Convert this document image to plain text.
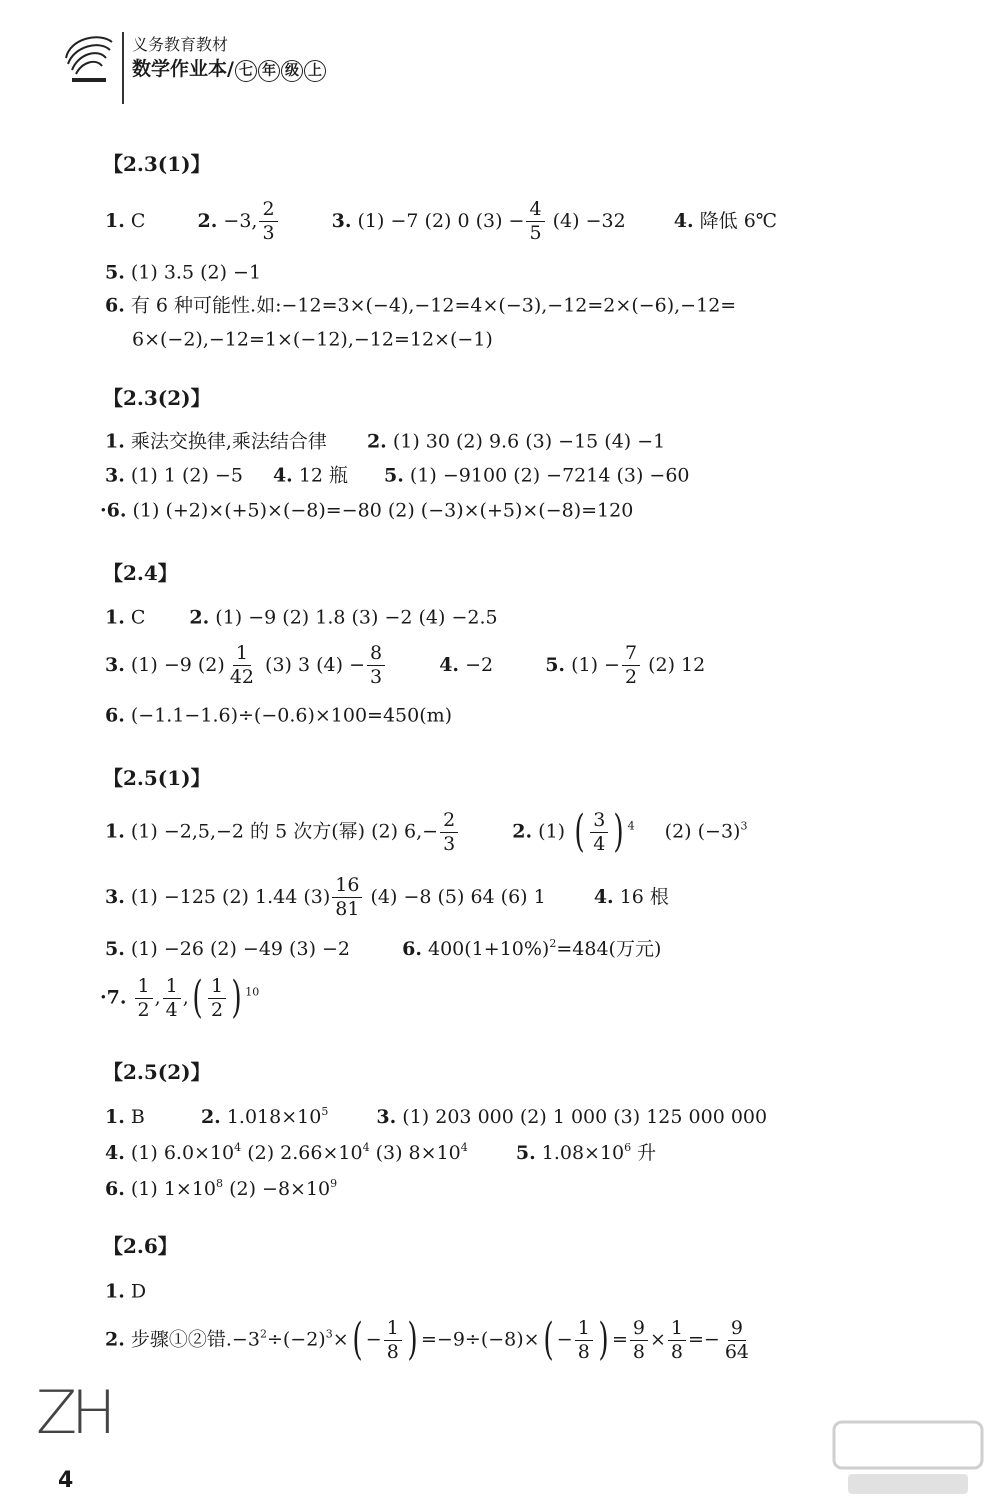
义务教育教材
数学作业本/ 七 年 级 上
【2.3(1)】
1. C	2. −3, $\frac{2}{3}$	3. (1) −7 (2) 0 $(3) - \frac{4}{5} (4) -32$	4. 降低 6℃
5. (1) 3.5 (2) −1
6. 有 6 种可能性.如:−12=3×(−4),−12=4×(−3),−12=2×(−6),−12=
6×(−2),−12=1×(−12),−12=12×(−1)
【2.3(2)】
1. 乘法交换律,乘法结合律 2. (1) 30 (2) 9.6 (3) −15 (4) −1
3. (1) 1 (2) −5 4. 12 瓶 5. (1) −9100 (2) −7214 (3) −60
·6. (1) (+2)×(+5)×(−8)=−80 (2) (−3)×(+5)×(−8)=120
【2.4】
1. C 2. (1) −9 (2) 1.8 (3) −2 (4) −2.5
3. (1) −9 $(2) \frac{1}{42} (3)$ 3 $(4) - \frac{8}{3}$	4. −2	5. $(1) - \frac{7}{2} (2)$ 12
6. (−1.1−1.6)÷(−0.6)×100=450(m)
【2.5(1)】
1. (1) −2,5,−2 的 5 次方(幂) (2) $6,- \frac{2}{3}$	2. (1) ( $\frac{3}{4}$ ) $^4$  (2) $(-3)^3$
3. (1) −125 (2) 1.44 $(3) \frac{16}{81} (4) -8$ (5) 64 (6) 1	4. 16 根
5. (1) −26 (2) −49 (3) −2	6. $400(1+10\%)^2=484$(万元)
·7. $\frac{1}{2}$ , $\frac{1}{4}$ ,( $\frac{1}{2}$ ) $^{10}$
【2.5(2)】
1. B	2. $1.018\times 10^5$	3. (1) 203 000 (2) 1 000 (3) 125 000 000
4. (1) $6.0\times 10^4$ (2) $2.66\times 10^4$ (3) $8\times 10^4$	5. $1.08\times 10^6$ 升
6. (1) $1\times 10^8$ $(2) -8\times 10^9$
【2.6】
1. D
2. 步骤①②错$.-3^2\div(-2)^3\times( - \frac{1}{8}$ ) $=-9\div(-8)\times( - \frac{1}{8}$ ) = $\frac{9}{8} \times \frac{1}{8} =- \frac{9}{64}$
ZH
4
